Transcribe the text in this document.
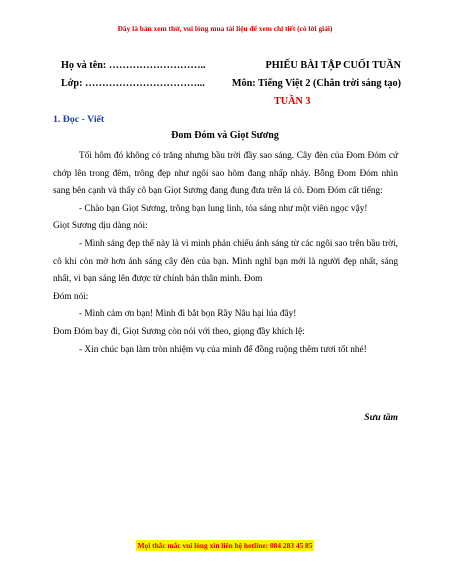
Đây là bản xem thử, vui lòng mua tài liệu để xem chi tiết (có lời giải)
Họ và tên: ………………………..	PHIẾU BÀI TẬP CUỐI TUẦN
Lớp: ……………………………...	Môn: Tiếng Việt 2 (Chân trời sáng tạo)
TUẦN 3
1. Đọc - Viết
Đom Đóm và Giọt Sương

Tối hôm đó không có trăng nhưng bầu trời đầy sao sáng. Cây đèn của Đom Đóm cứ chớp lên trong đêm, trông đẹp như ngôi sao hôm đang nhấp nháy. Bỗng Đom Đóm nhìn sang bên cạnh và thấy cô bạn Giọt Sương đang đung đưa trên lá cỏ. Đom Đóm cất tiếng:

- Chào bạn Giọt Sương, trông bạn lung linh, tỏa sáng như một viên ngọc vậy!

Giọt Sương dịu dàng nói:

- Mình sáng đẹp thế này là vì mình phản chiếu ánh sáng từ các ngôi sao trên bầu trời, cô khi còn mờ hơn ánh sáng cây đèn của bạn. Mình nghĩ bạn mới là người đẹp nhất, sáng nhất, vì bạn sáng lên được từ chính bản thân mình. Đom

Đóm nói:

- Mình cảm ơn bạn! Mình đi bắt bọn Rầy Nâu hại lúa đây!

Đom Đóm bay đi, Giọt Sương còn nói với theo, giọng đầy khích lệ:

- Xin chúc bạn làm tròn nhiệm vụ của mình để đồng ruộng thêm tươi tốt nhé!

Sưu tầm
Mọi thắc mắc vui lòng xin liên hệ hotline: 084 283 45 85
